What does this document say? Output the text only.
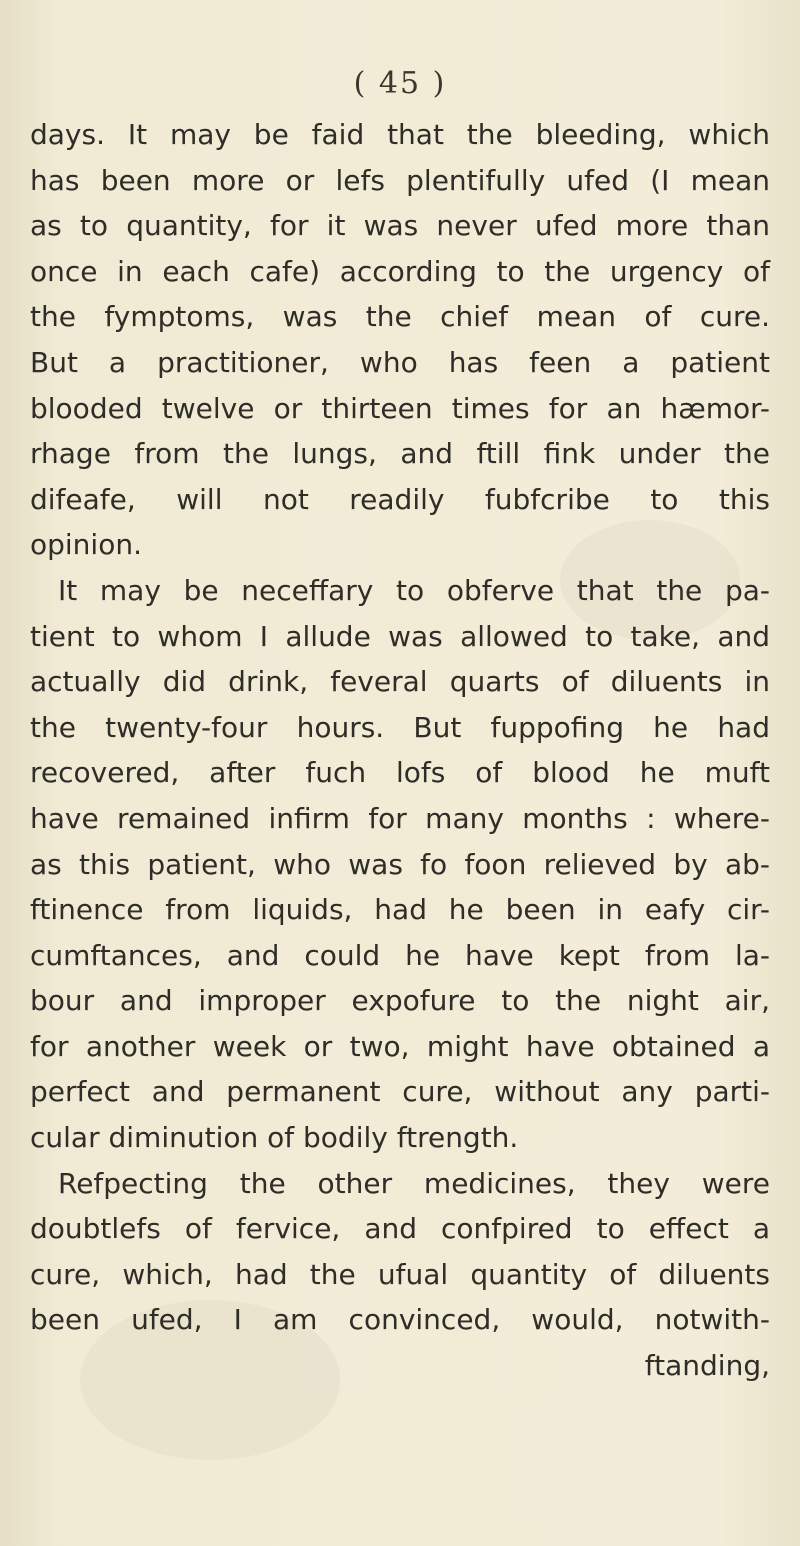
( 45 )
days. It may be faid that the bleeding, which
has been more or lefs plentifully ufed (I mean
as to quantity, for it was never ufed more than
once in each cafe) according to the urgency of
the fymptoms, was the chief mean of cure.
But a practitioner, who has feen a patient
blooded twelve or thirteen times for an hæmor-
rhage from the lungs, and ftill fink under the
difeafe, will not readily fubfcribe to this
opinion.
It may be neceffary to obferve that the pa-
tient to whom I allude was allowed to take, and
actually did drink, feveral quarts of diluents in
the twenty-four hours. But fuppofing he had
recovered, after fuch lofs of blood he muft
have remained infirm for many months : where-
as this patient, who was fo foon relieved by ab-
ftinence from liquids, had he been in eafy cir-
cumftances, and could he have kept from la-
bour and improper expofure to the night air,
for another week or two, might have obtained a
perfect and permanent cure, without any parti-
cular diminution of bodily ftrength.
Refpecting the other medicines, they were
doubtlefs of fervice, and confpired to effect a
cure, which, had the ufual quantity of diluents
been ufed, I am convinced, would, notwith-
ftanding,
